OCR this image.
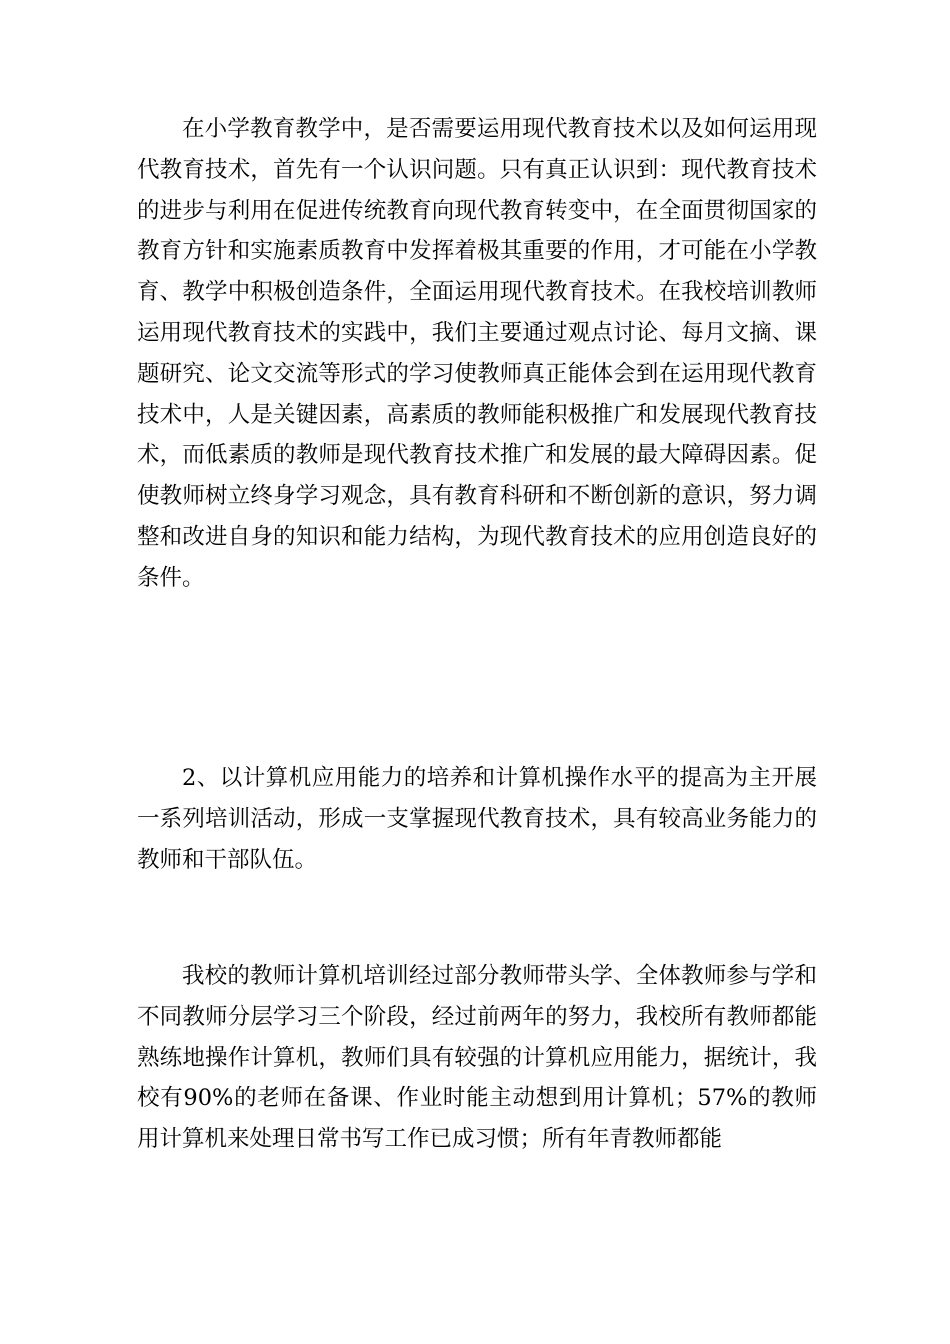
在小学教育教学中，是否需要运用现代教育技术以及如何运用现代教育技术，首先有一个认识问题。只有真正认识到：现代教育技术的进步与利用在促进传统教育向现代教育转变中，在全面贯彻国家的教育方针和实施素质教育中发挥着极其重要的作用，才可能在小学教育、教学中积极创造条件，全面运用现代教育技术。在我校培训教师运用现代教育技术的实践中，我们主要通过观点讨论、每月文摘、课题研究、论文交流等形式的学习使教师真正能体会到在运用现代教育技术中，人是关键因素，高素质的教师能积极推广和发展现代教育技术，而低素质的教师是现代教育技术推广和发展的最大障碍因素。促使教师树立终身学习观念，具有教育科研和不断创新的意识，努力调整和改进自身的知识和能力结构，为现代教育技术的应用创造良好的条件。

2、以计算机应用能力的培养和计算机操作水平的提高为主开展一系列培训活动，形成一支掌握现代教育技术，具有较高业务能力的教师和干部队伍。

我校的教师计算机培训经过部分教师带头学、全体教师参与学和不同教师分层学习三个阶段，经过前两年的努力，我校所有教师都能熟练地操作计算机，教师们具有较强的计算机应用能力，据统计，我校有90%的老师在备课、作业时能主动想到用计算机；57%的教师用计算机来处理日常书写工作已成习惯；所有年青教师都能
